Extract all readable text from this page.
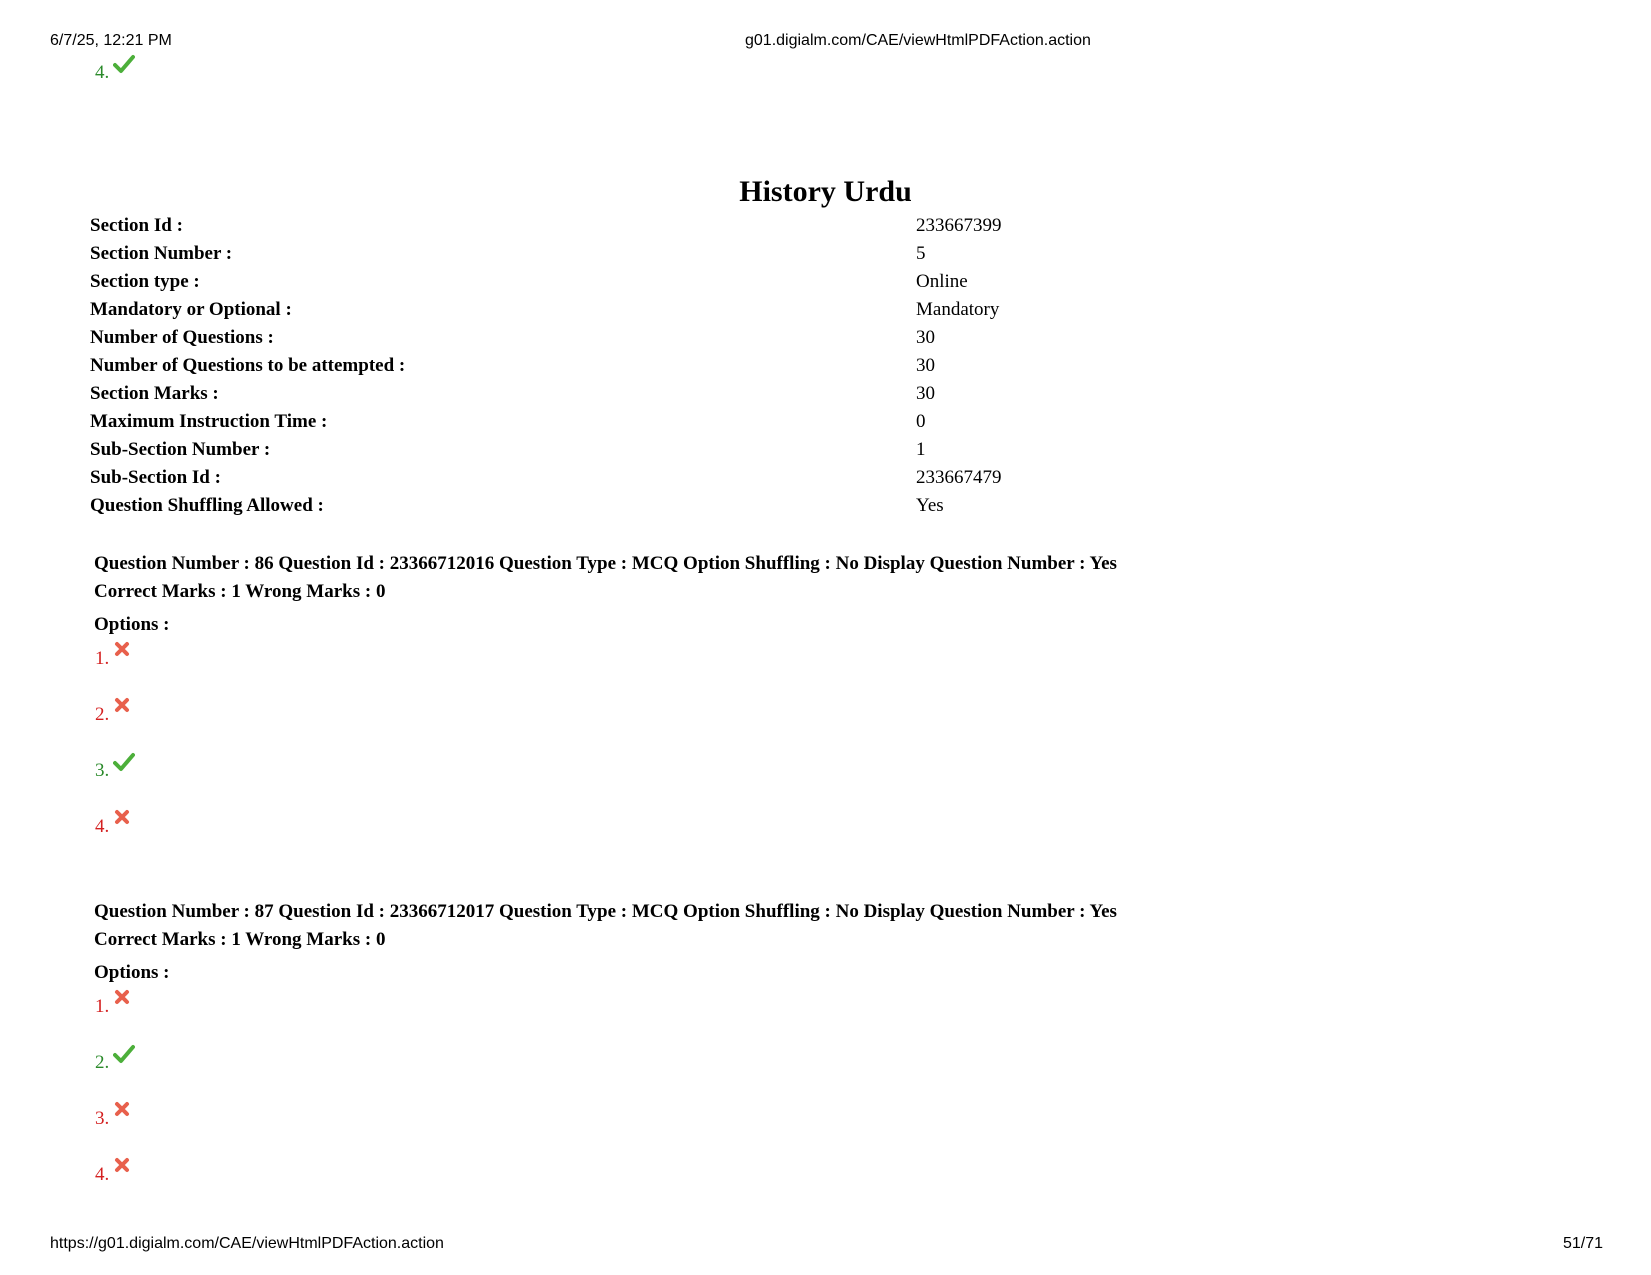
6/7/25, 12:21 PM	g01.digialm.com/CAE/viewHtmlPDFAction.action
4.
History Urdu
Section Id :	233667399
Section Number :	5
Section type :	Online
Mandatory or Optional :	Mandatory
Number of Questions :	30
Number of Questions to be attempted :	30
Section Marks :	30
Maximum Instruction Time :	0
Sub-Section Number :	1
Sub-Section Id :	233667479
Question Shuffling Allowed :	Yes
Question Number : 86 Question Id : 23366712016 Question Type : MCQ Option Shuffling : No Display Question Number : Yes
Correct Marks : 1 Wrong Marks : 0
Options :
1.
2.
3.
4.
Question Number : 87 Question Id : 23366712017 Question Type : MCQ Option Shuffling : No Display Question Number : Yes
Correct Marks : 1 Wrong Marks : 0
Options :
1.
2.
3.
4.
https://g01.digialm.com/CAE/viewHtmlPDFAction.action	51/71
